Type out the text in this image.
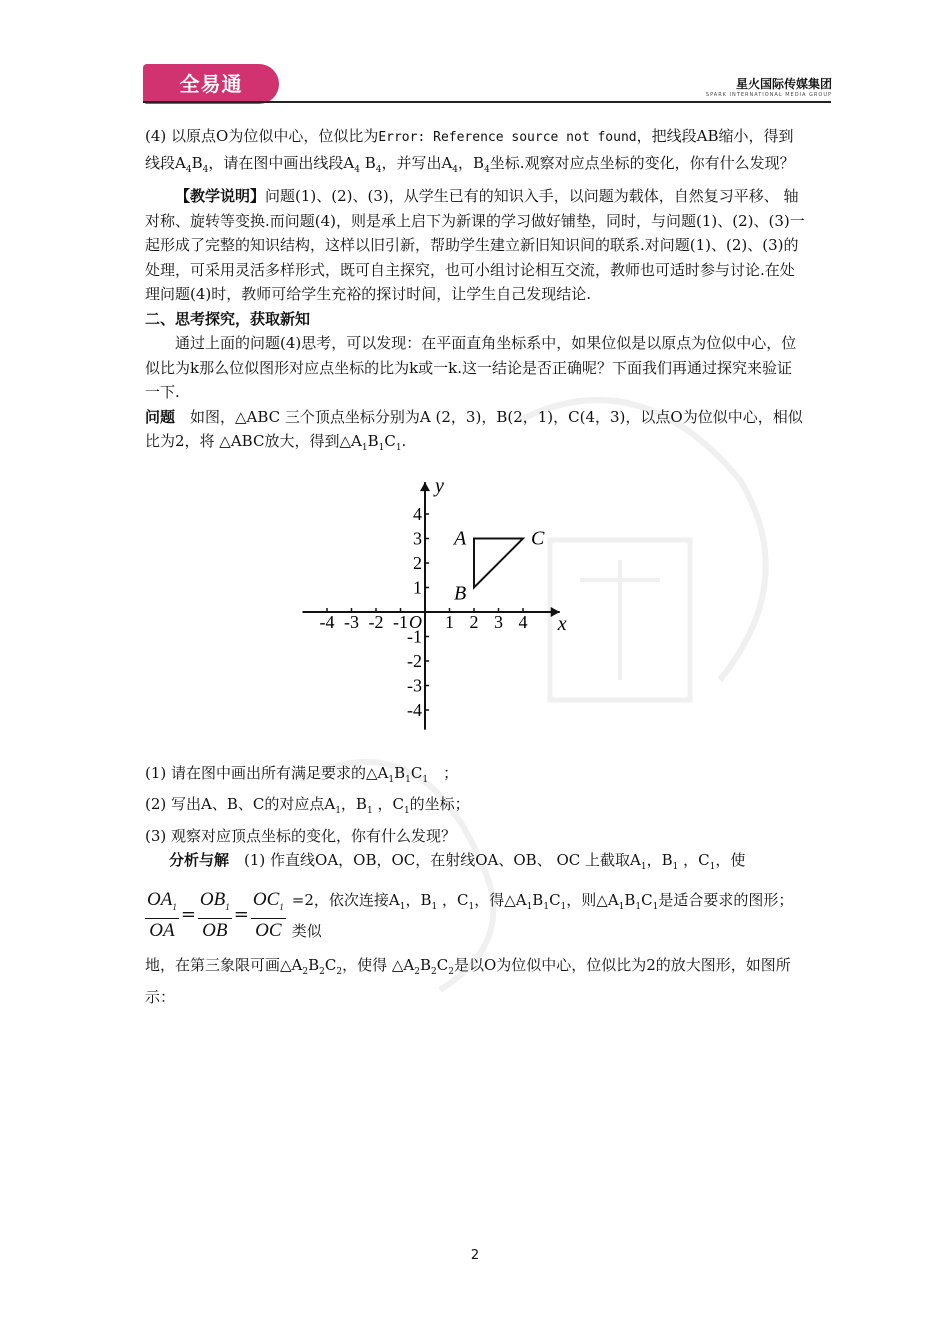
全易通	星火国际传媒集团
SPARK INTERNATIONAL MEDIA GROUP

(4) 以原点O为位似中心，位似比为Error: Reference source not found，把线段AB缩小，得到线段$A_4B_4$，请在图中画出线段$A_4$ $B_4$，并写出$A_4$，$B_4$坐标.观察对应点坐标的变化，你有什么发现？

【教学说明】问题(1)、(2)、(3)，从学生已有的知识入手，以问题为载体，自然复习平移、 轴对称、旋转等变换.而问题(4)，则是承上启下为新课的学习做好铺垫，同时，与问题(1)、(2)、(3)一起形成了完整的知识结构，这样以旧引新，帮助学生建立新旧知识间的联系.对问题(1)、(2)、(3)的处理，可采用灵活多样形式，既可自主探究，也可小组讨论相互交流，教师也可适时参与讨论.在处理问题(4)时，教师可给学生充裕的探讨时间，让学生自己发现结论.

二、思考探究，获取新知

通过上面的问题(4)思考，可以发现：在平面直角坐标系中，如果位似是以原点为位似中心，位似比为k那么位似图形对应点坐标的比为k或一k.这一结论是否正确呢？下面我们再通过探究来验证一下.

问题　如图，△ABC 三个顶点坐标分别为A (2，3)，B(2，1)，C(4，3)，以点O为位似中心，相似比为2，将 △ABC放大，得到$\triangle A_1B_1C_1$.

-4 -3 -2 -1 1 2 3 4
4
3
2
1
-1
-2
-3
-4
O	x
y
A
B
C

(1) 请在图中画出所有满足要求的$\triangle A_1B_1C_1$　；

(2) 写出A、B、C的对应点$A_1$，$B_1$ ，$C_1$的坐标；

(3) 观察对应顶点坐标的变化，你有什么发现？

分析与解　(1) 作直线OA，OB，OC，在射线OA、OB、 OC 上截取$A_1$，$B_1$ ，$C_1$，使

$\frac{OA_1}{OA} = \frac{OB_1}{OB} = \frac{OC_1}{OC} =2$，依次连接$A_1$，$B_1$ ，$C_1$，得$\triangle A_1B_1C_1$，则$\triangle A_1B_1C_1$是适合要求的图形；类似

地，在第三象限可画$\triangle A_2B_2C_2$，使得 $\triangle A_2B_2C_2$是以O为位似中心，位似比为2的放大图形，如图所示：

2
